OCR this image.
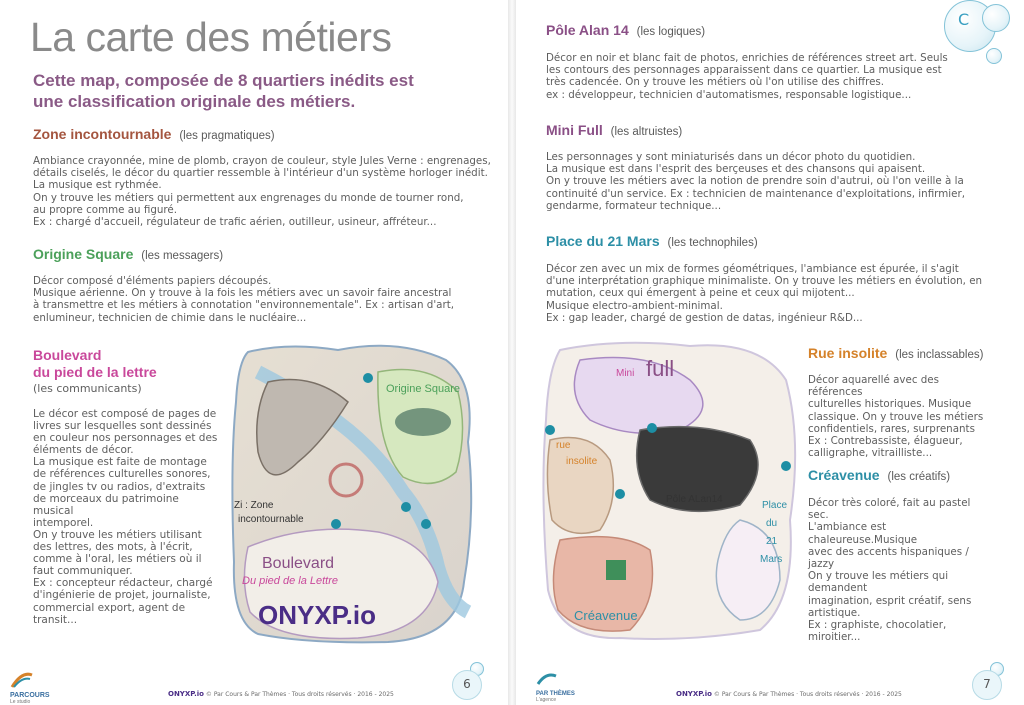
La carte des métiers
Cette map, composée de 8 quartiers inédits est une classification originale des métiers.
Zone incontournable (les pragmatiques)
Ambiance crayonnée, mine de plomb, crayon de couleur, style Jules Verne : engrenages,
détails ciselés, le décor du quartier ressemble à l'intérieur d'un système horloger inédit.
La musique est rythmée.
On y trouve les métiers qui permettent aux engrenages du monde de tourner rond,
au propre comme au figuré.
Ex : chargé d'accueil, régulateur de trafic aérien, outilleur, usineur, affréteur...
Origine Square (les messagers)
Décor composé d'éléments papiers découpés.
Musique aérienne. On y trouve à la fois les métiers avec un savoir faire ancestral
à transmettre et les métiers à connotation "environnementale". Ex : artisan d'art,
enlumineur, technicien de chimie dans le nucléaire...
Boulevard
du pied de la lettre
(les communicants)
Le décor est composé de pages de
livres sur lesquelles sont dessinés
en couleur nos personnages et des
éléments de décor.
La musique est faite de montage
de références culturelles sonores,
de jingles tv ou radios, d'extraits
de morceaux du patrimoine musical
intemporel.
On y trouve les métiers utilisant
des lettres, des mots, à l'écrit,
comme à l'oral, les métiers où il
faut communiquer.
Ex : concepteur rédacteur, chargé
d'ingénierie de projet, journaliste,
commercial export, agent de
transit...
Origine Square
Zi : Zone
incontournable
Boulevard
Du pied de la Lettre
ONYXP.io
6
PARCOURS
Le studio
ONYXP.io © Par Cours & Par Thèmes · Tous droits réservés · 2016 - 2025
C
Pôle Alan 14 (les logiques)
Décor en noir et blanc fait de photos, enrichies de références street art. Seuls
les contours des personnages apparaissent dans ce quartier. La musique est
très cadencée. On y trouve les métiers où l'on utilise des chiffres.
ex : développeur, technicien d'automatismes, responsable logistique...
Mini Full (les altruistes)
Les personnages y sont miniaturisés dans un décor photo du quotidien.
La musique est dans l'esprit des berçeuses et des chansons qui apaisent.
On y trouve les métiers avec la notion de prendre soin d'autrui, où l'on veille à la
continuité d'un service. Ex : technicien de maintenance d'exploitations, infirmier,
gendarme, formateur technique...
Place du 21 Mars (les technophiles)
Décor zen avec un mix de formes géométriques, l'ambiance est épurée, il s'agit
d'une interprétation graphique minimaliste. On y trouve les métiers en évolution, en
mutation, ceux qui émergent à peine et ceux qui mijotent...
Musique electro-ambient-minimal.
Ex : gap leader, chargé de gestion de datas, ingénieur R&D...
Mini full
rue
insolite
Pôle ALan14
Place
du
21
Mars
Créavenue
Rue insolite (les inclassables)
Décor aquarellé avec des références
culturelles historiques. Musique
classique. On y trouve les métiers
confidentiels, rares, surprenants
Ex : Contrebassiste, élagueur,
calligraphe, vitrailliste...
Créavenue (les créatifs)
Décor très coloré, fait au pastel sec.
L'ambiance est chaleureuse.Musique
avec des accents hispaniques / jazzy
On y trouve les métiers qui demandent
imagination, esprit créatif, sens
artistique.
Ex : graphiste, chocolatier, miroitier...
7
PAR THÈMES
L'agence
ONYXP.io © Par Cours & Par Thèmes · Tous droits réservés · 2016 - 2025
